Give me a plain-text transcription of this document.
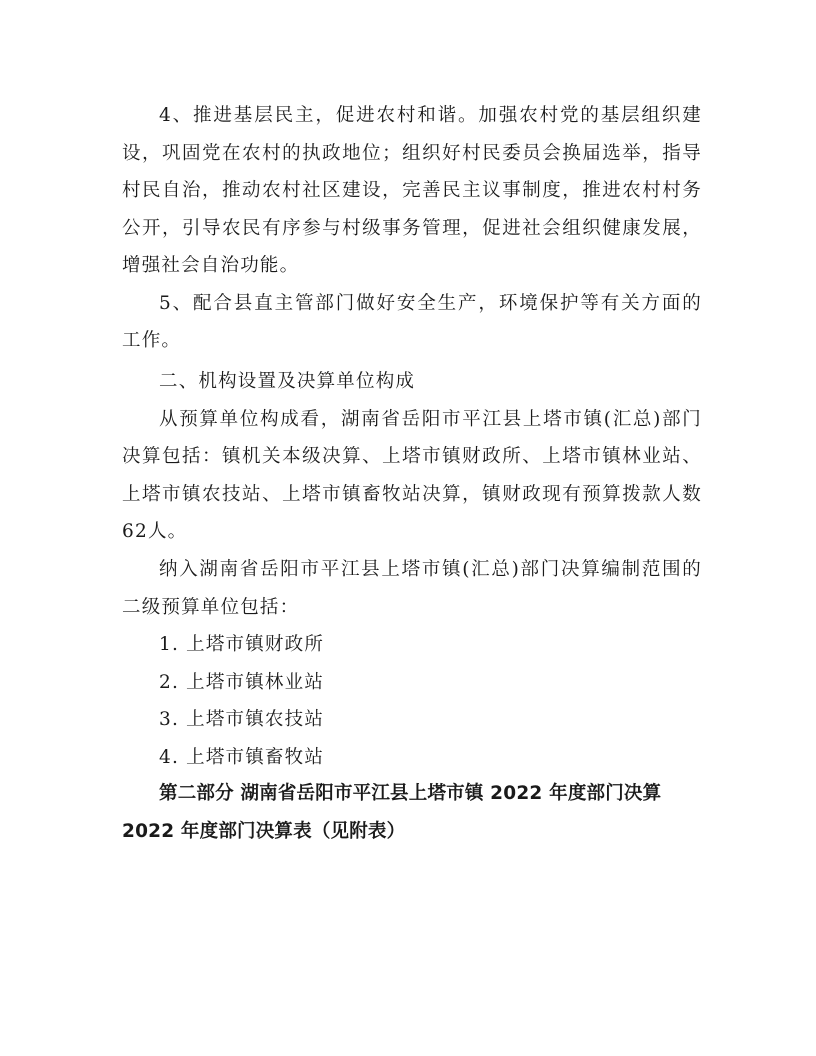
4、推进基层民主，促进农村和谐。加强农村党的基层组织建设，巩固党在农村的执政地位；组织好村民委员会换届选举，指导村民自治，推动农村社区建设，完善民主议事制度，推进农村村务公开，引导农民有序参与村级事务管理，促进社会组织健康发展，增强社会自治功能。

5、配合县直主管部门做好安全生产，环境保护等有关方面的工作。

二、机构设置及决算单位构成

从预算单位构成看，湖南省岳阳市平江县上塔市镇(汇总)部门决算包括：镇机关本级决算、上塔市镇财政所、上塔市镇林业站、上塔市镇农技站、上塔市镇畜牧站决算，镇财政现有预算拨款人数62人。

纳入湖南省岳阳市平江县上塔市镇(汇总)部门决算编制范围的二级预算单位包括：

1. 上塔市镇财政所

2. 上塔市镇林业站

3. 上塔市镇农技站

4. 上塔市镇畜牧站

第二部分 湖南省岳阳市平江县上塔市镇 2022 年度部门决算 2022 年度部门决算表（见附表）
